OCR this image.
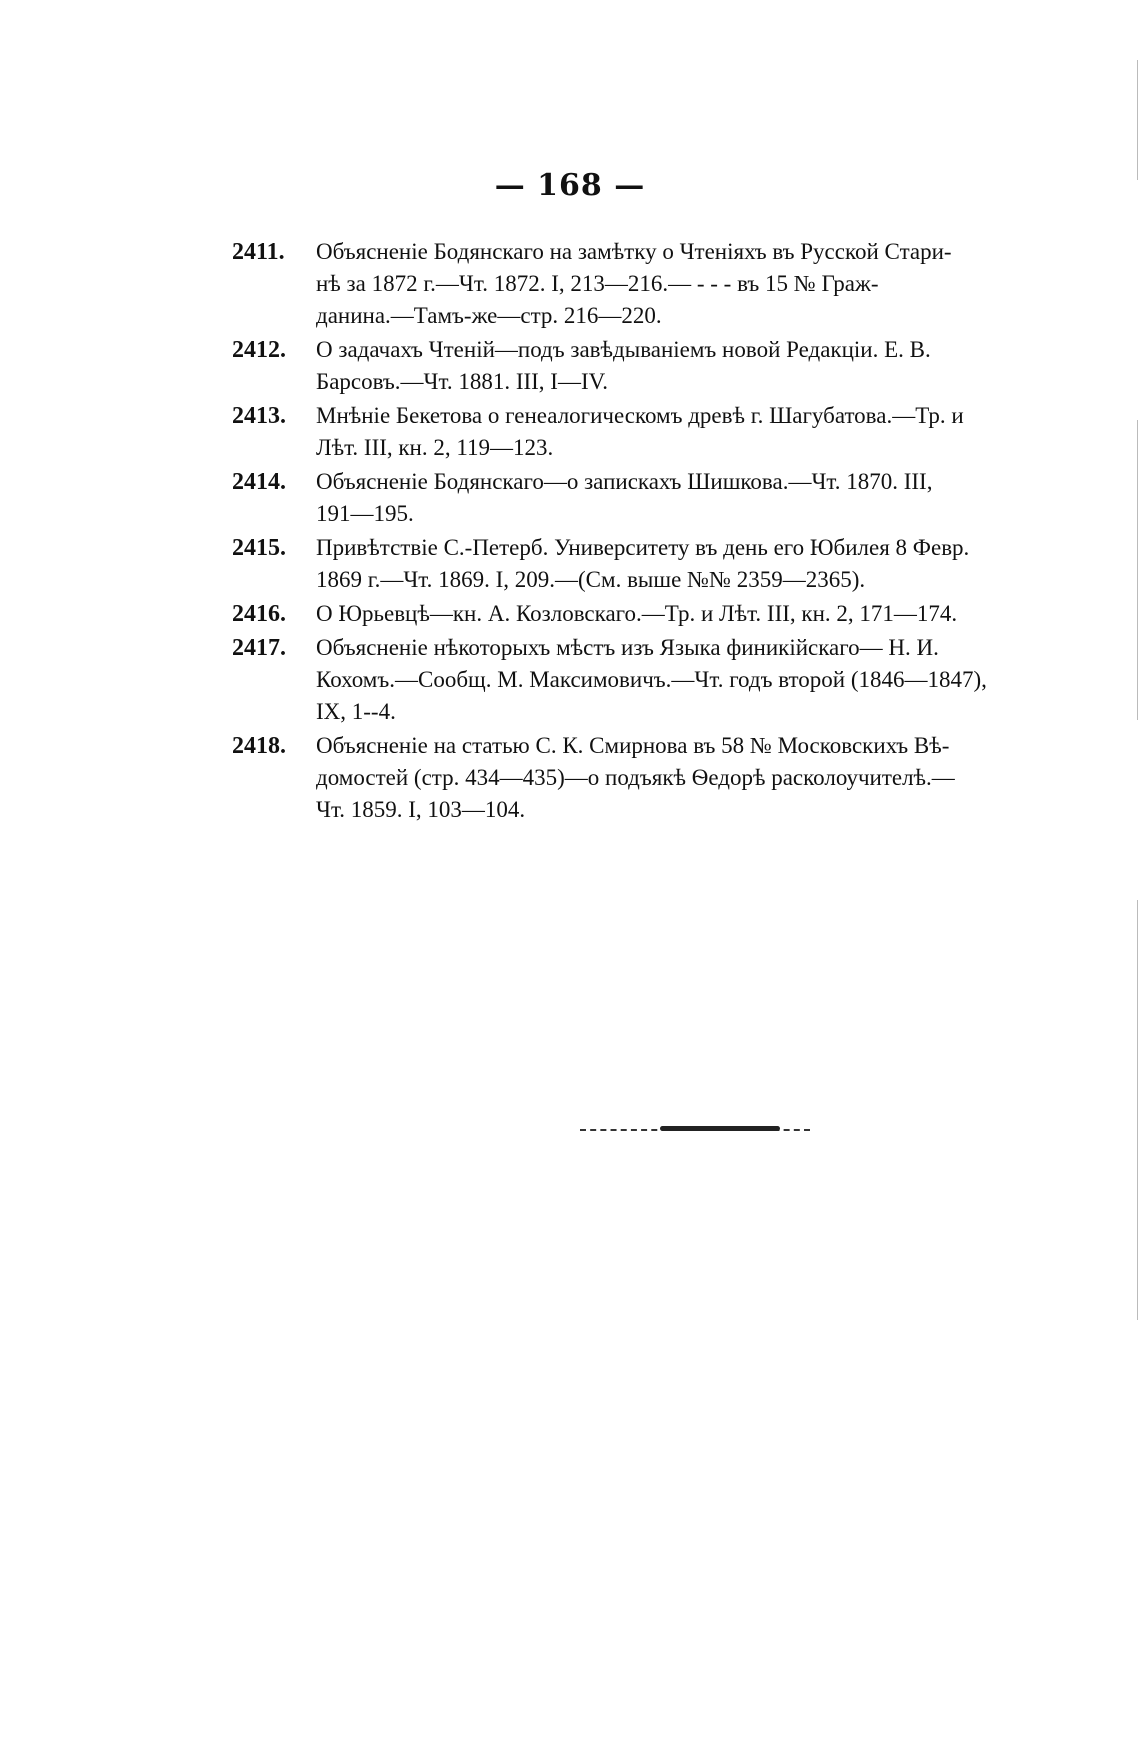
— 168 —
2411.	Объясненіе Бодянскаго на замѣтку о Чтеніяхъ въ Русской Стари-
нѣ за 1872 г.—Чт. 1872. I, 213—216.— - - - въ 15 № Граж-
данина.—Тамъ-же—стр. 216—220.
2412.	О задачахъ Чтеній—подъ завѣдываніемъ новой Редакціи. Е. В.
Барсовъ.—Чт. 1881. III, I—IV.
2413.	Мнѣніе Бекетова о генеалогическомъ древѣ г. Шагубатова.—Тр. и
Лѣт. III, кн. 2, 119—123.
2414.	Объясненіе Бодянскаго—о запискахъ Шишкова.—Чт. 1870. III,
191—195.
2415.	Привѣтствіе С.-Петерб. Университету въ день его Юбилея 8 Февр.
1869 г.—Чт. 1869. I, 209.—(См. выше №№ 2359—2365).
2416.	О Юрьевцѣ—кн. А. Козловскаго.—Тр. и Лѣт. III, кн. 2, 171—174.
2417.	Объясненіе нѣкоторыхъ мѣстъ изъ Языка финикійскаго— Н. И.
Кохомъ.—Сообщ. М. Максимовичъ.—Чт. годъ второй (1846—1847),
IX, 1--4.
2418.	Объясненіе на статью С. К. Смирнова въ 58 № Московскихъ Вѣ-
домостей (стр. 434—435)—о подъякѣ Ѳедорѣ расколоучителѣ.—
Чт. 1859. I, 103—104.
